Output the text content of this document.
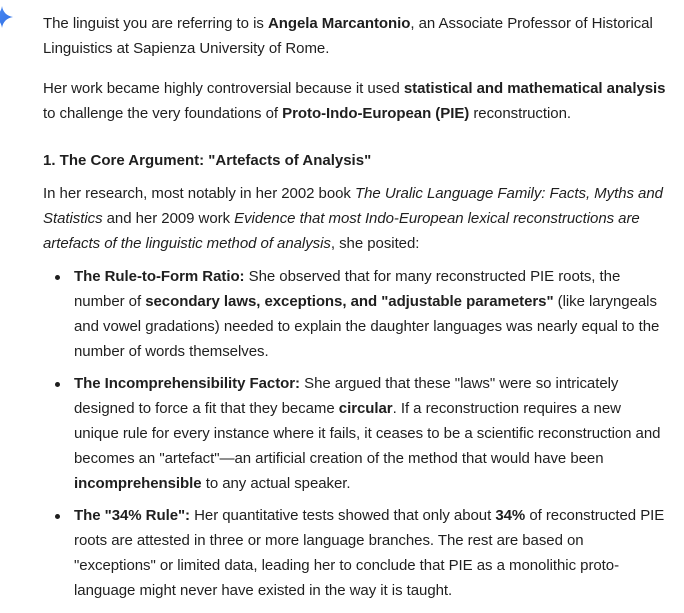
The linguist you are referring to is Angela Marcantonio, an Associate Professor of Historical Linguistics at Sapienza University of Rome.

Her work became highly controversial because it used statistical and mathematical analysis to challenge the very foundations of Proto-Indo-European (PIE) reconstruction.

1. The Core Argument: "Artefacts of Analysis"

In her research, most notably in her 2002 book The Uralic Language Family: Facts, Myths and Statistics and her 2009 work Evidence that most Indo-European lexical reconstructions are artefacts of the linguistic method of analysis, she posited:

The Rule-to-Form Ratio: She observed that for many reconstructed PIE roots, the number of secondary laws, exceptions, and "adjustable parameters" (like laryngeals and vowel gradations) needed to explain the daughter languages was nearly equal to the number of words themselves.
The Incomprehensibility Factor: She argued that these "laws" were so intricately designed to force a fit that they became circular. If a reconstruction requires a new unique rule for every instance where it fails, it ceases to be a scientific reconstruction and becomes an "artefact"—an artificial creation of the method that would have been incomprehensible to any actual speaker.
The "34% Rule": Her quantitative tests showed that only about 34% of reconstructed PIE roots are attested in three or more language branches. The rest are based on "exceptions" or limited data, leading her to conclude that PIE as a monolithic proto-language might never have existed in the way it is taught.
